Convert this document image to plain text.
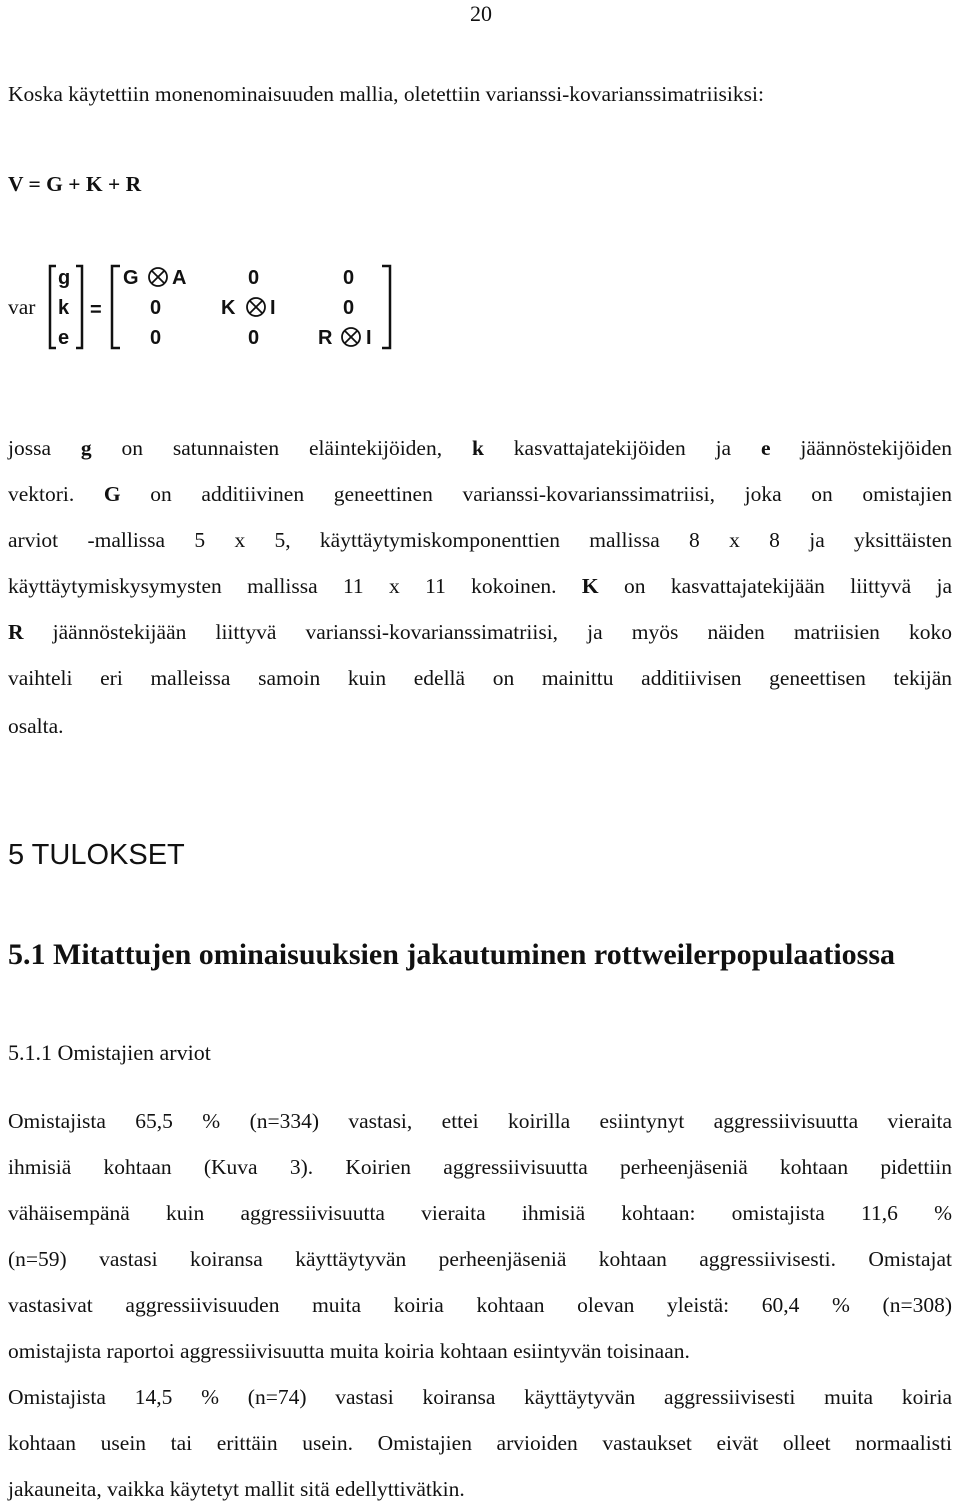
20
Koska käytettiin monenominaisuuden mallia, oletettiin varianssi-kovarianssimatriisiksi:
V = G + K + R
var
g
k
e
=
G A	0	0
0	K I	0
0	0	R I
jossa g on satunnaisten eläintekijöiden, k kasvattajatekijöiden ja e jäännöstekijöiden
vektori. G on additiivinen geneettinen varianssi-kovarianssimatriisi, joka on omistajien
arviot -mallissa 5 x 5, käyttäytymiskomponenttien mallissa 8 x 8 ja yksittäisten
käyttäytymiskysymysten mallissa 11 x 11 kokoinen. K on kasvattajatekijään liittyvä ja
R jäännöstekijään liittyvä varianssi-kovarianssimatriisi, ja myös näiden matriisien koko
vaihteli eri malleissa samoin kuin edellä on mainittu additiivisen geneettisen tekijän
osalta.
5 TULOKSET
5.1 Mitattujen ominaisuuksien jakautuminen rottweilerpopulaatiossa
5.1.1 Omistajien arviot
Omistajista 65,5 % (n=334) vastasi, ettei koirilla esiintynyt aggressiivisuutta vieraita
ihmisiä kohtaan (Kuva 3). Koirien aggressiivisuutta perheenjäseniä kohtaan pidettiin
vähäisempänä kuin aggressiivisuutta vieraita ihmisiä kohtaan: omistajista 11,6 %
(n=59) vastasi koiransa käyttäytyvän perheenjäseniä kohtaan aggressiivisesti. Omistajat
vastasivat aggressiivisuuden muita koiria kohtaan olevan yleistä: 60,4 % (n=308)
omistajista raportoi aggressiivisuutta muita koiria kohtaan esiintyvän toisinaan.
Omistajista 14,5 % (n=74) vastasi koiransa käyttäytyvän aggressiivisesti muita koiria
kohtaan usein tai erittäin usein. Omistajien arvioiden vastaukset eivät olleet normaalisti
jakauneita, vaikka käytetyt mallit sitä edellyttivätkin.
